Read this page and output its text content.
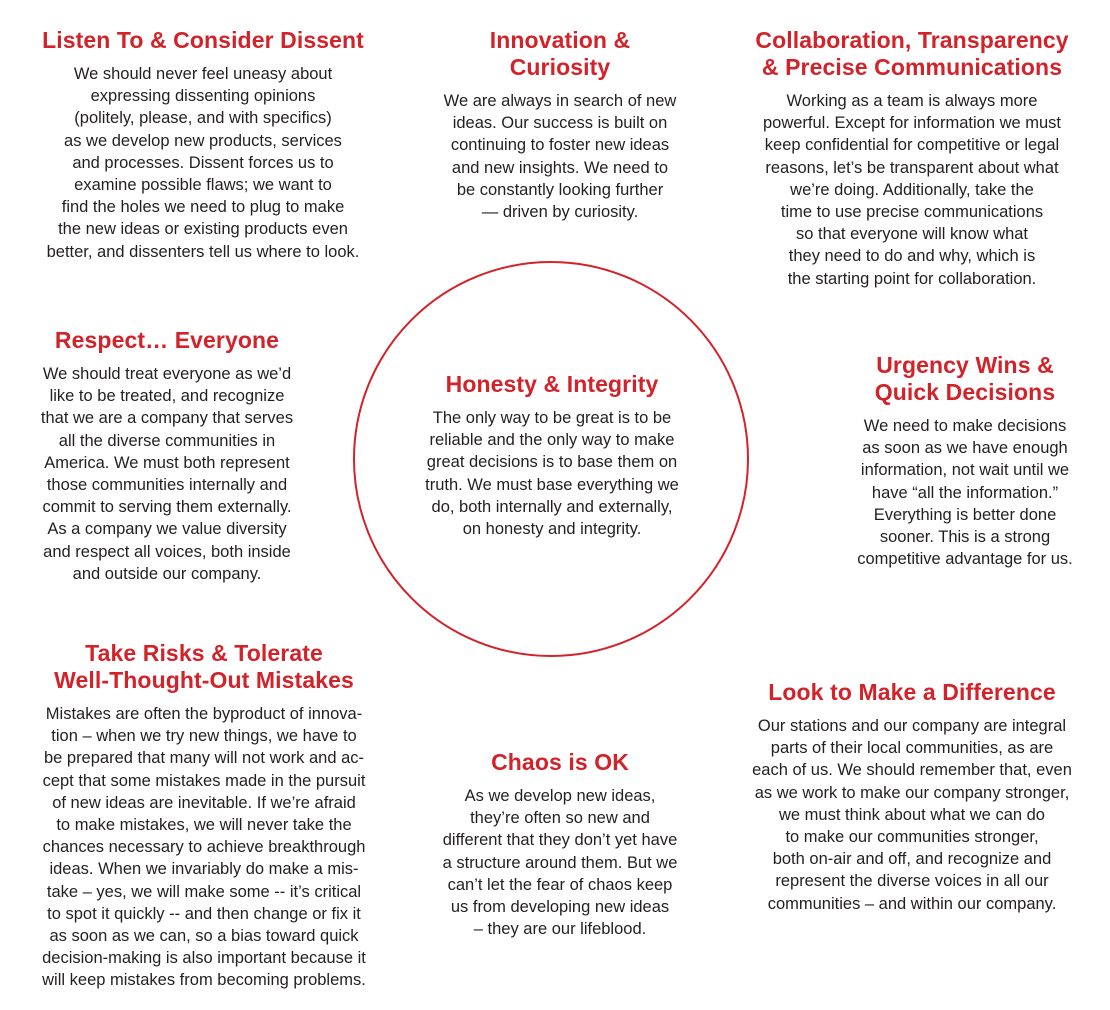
Listen To & Consider Dissent

We should never feel uneasy about
expressing dissenting opinions
(politely, please, and with specifics)
as we develop new products, services
and processes. Dissent forces us to
examine possible flaws; we want to
find the holes we need to plug to make
the new ideas or existing products even
better, and dissenters tell us where to look.

Innovation &
Curiosity

We are always in search of new
ideas. Our success is built on
continuing to foster new ideas
and new insights. We need to
be constantly looking further
— driven by curiosity.

Collaboration, Transparency
& Precise Communications

Working as a team is always more
powerful. Except for information we must
keep confidential for competitive or legal
reasons, let’s be transparent about what
we’re doing. Additionally, take the
time to use precise communications
so that everyone will know what
they need to do and why, which is
the starting point for collaboration.

Respect… Everyone

We should treat everyone as we’d
like to be treated, and recognize
that we are a company that serves
all the diverse communities in
America. We must both represent
those communities internally and
commit to serving them externally.
As a company we value diversity
and respect all voices, both inside
and outside our company.

Honesty & Integrity

The only way to be great is to be
reliable and the only way to make
great decisions is to base them on
truth. We must base everything we
do, both internally and externally,
on honesty and integrity.

Urgency Wins &
Quick Decisions

We need to make decisions
as soon as we have enough
information, not wait until we
have “all the information.”
Everything is better done
sooner. This is a strong
competitive advantage for us.

Take Risks & Tolerate
Well-Thought-Out Mistakes

Mistakes are often the byproduct of innova-
tion – when we try new things, we have to
be prepared that many will not work and ac-
cept that some mistakes made in the pursuit
of new ideas are inevitable. If we’re afraid
to make mistakes, we will never take the
chances necessary to achieve breakthrough
ideas. When we invariably do make a mis-
take – yes, we will make some -- it’s critical
to spot it quickly -- and then change or fix it
as soon as we can, so a bias toward quick
decision-making is also important because it
will keep mistakes from becoming problems.

Chaos is OK

As we develop new ideas,
they’re often so new and
different that they don’t yet have
a structure around them. But we
can’t let the fear of chaos keep
us from developing new ideas
– they are our lifeblood.

Look to Make a Difference

Our stations and our company are integral
parts of their local communities, as are
each of us. We should remember that, even
as we work to make our company stronger,
we must think about what we can do
to make our communities stronger,
both on-air and off, and recognize and
represent the diverse voices in all our
communities – and within our company.
